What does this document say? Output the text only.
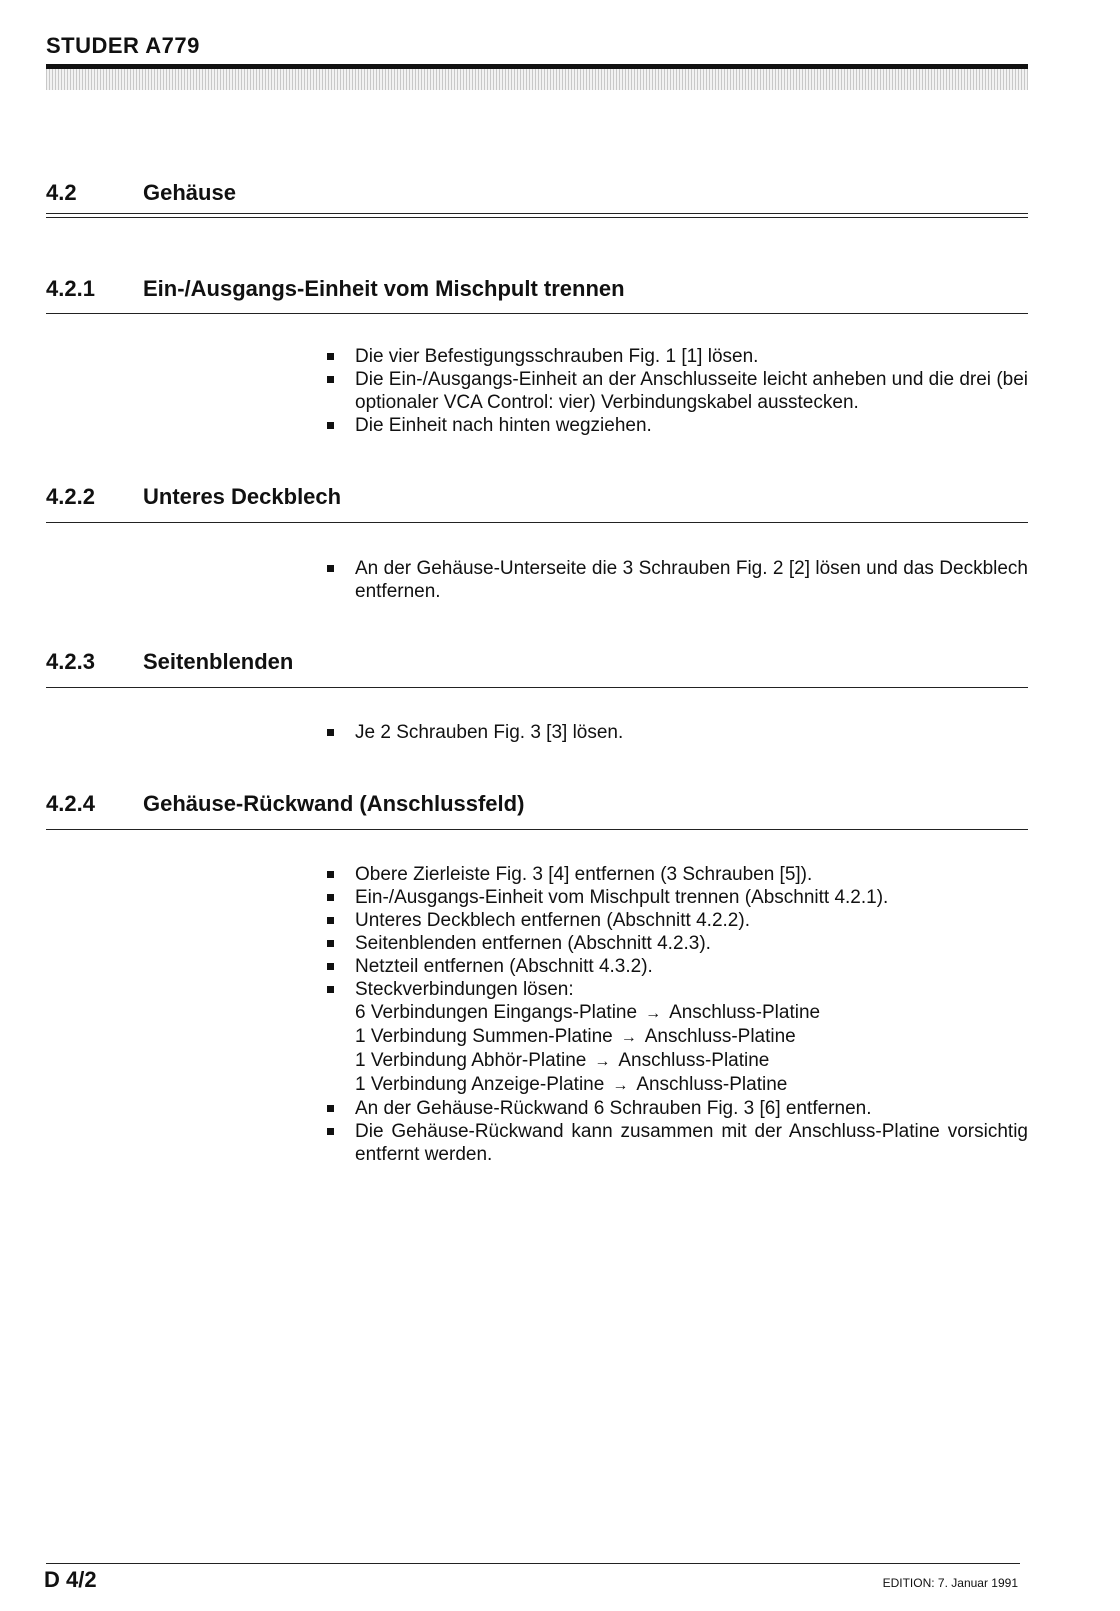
STUDER A779
4.2	Gehäuse
4.2.1 Ein-/Ausgangs-Einheit vom Mischpult trennen
Die vier Befestigungsschrauben Fig. 1 [1] lösen.
Die Ein-/Ausgangs-Einheit an der Anschlusseite leicht anheben und die drei (bei optionaler VCA Control: vier) Verbindungskabel ausstecken.
Die Einheit nach hinten wegziehen.
4.2.2 Unteres Deckblech
An der Gehäuse-Unterseite die 3 Schrauben Fig. 2 [2] lösen und das Deckblech entfernen.
4.2.3 Seitenblenden
Je 2 Schrauben Fig. 3 [3] lösen.
4.2.4 Gehäuse-Rückwand (Anschlussfeld)
Obere Zierleiste Fig. 3 [4] entfernen (3 Schrauben [5]).
Ein-/Ausgangs-Einheit vom Mischpult trennen (Abschnitt 4.2.1).
Unteres Deckblech entfernen (Abschnitt 4.2.2).
Seitenblenden entfernen (Abschnitt 4.2.3).
Netzteil entfernen (Abschnitt 4.3.2).
Steckverbindungen lösen:
6 Verbindungen Eingangs-Platine → Anschluss-Platine
1 Verbindung Summen-Platine → Anschluss-Platine
1 Verbindung Abhör-Platine → Anschluss-Platine
1 Verbindung Anzeige-Platine → Anschluss-Platine
An der Gehäuse-Rückwand 6 Schrauben Fig. 3 [6] entfernen.
Die Gehäuse-Rückwand kann zusammen mit der Anschluss-Platine vorsichtig entfernt werden.
D 4/2	EDITION: 7. Januar 1991
